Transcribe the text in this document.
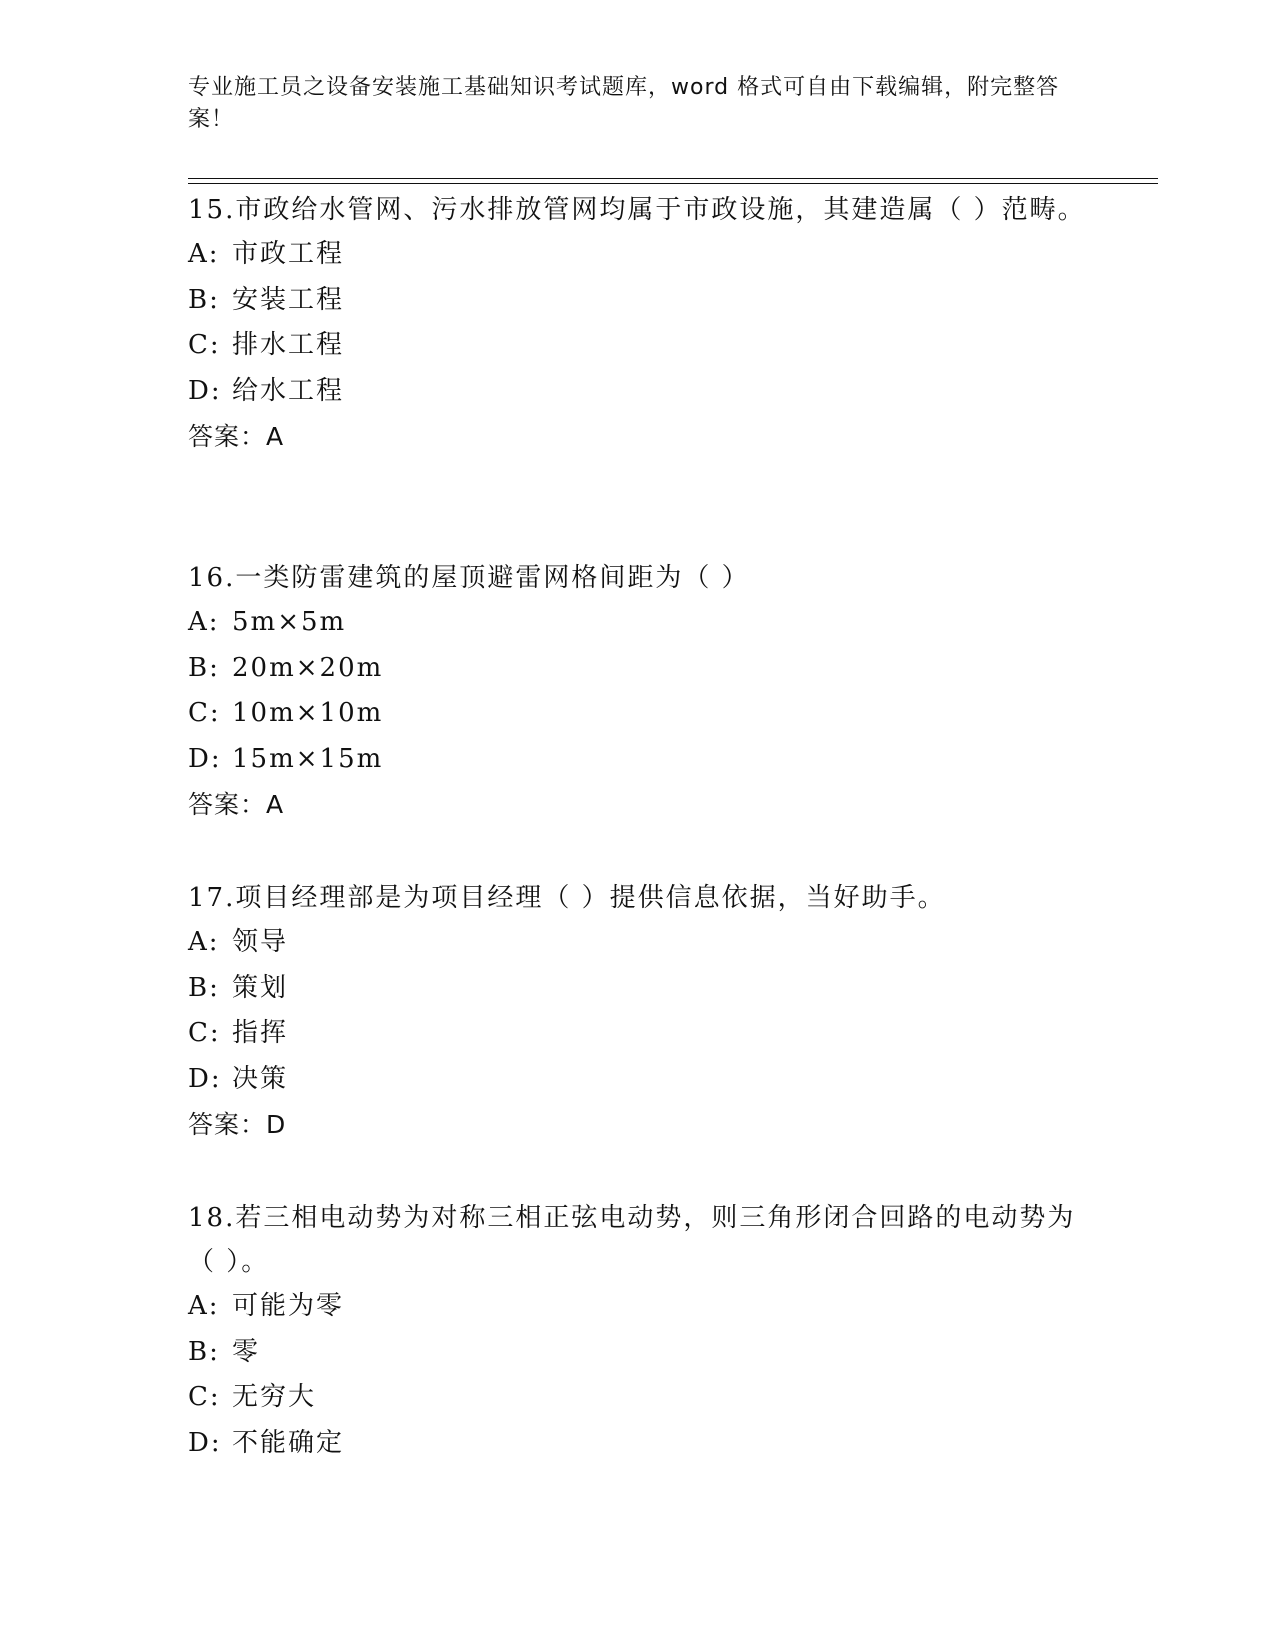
专业施工员之设备安装施工基础知识考试题库，word 格式可自由下载编辑，附完整答案！

15.市政给水管网、污水排放管网均属于市政设施，其建造属（ ）范畴。

A: 市政工程
B: 安装工程
C: 排水工程
D: 给水工程
答案：A

16.一类防雷建筑的屋顶避雷网格间距为（ ）

A: 5m×5m
B: 20m×20m
C: 10m×10m
D: 15m×15m
答案：A

17.项目经理部是为项目经理（ ）提供信息依据，当好助手。

A: 领导
B: 策划
C: 指挥
D: 决策
答案：D

18.若三相电动势为对称三相正弦电动势，则三角形闭合回路的电动势为（ ）。

A: 可能为零
B: 零
C: 无穷大
D: 不能确定
